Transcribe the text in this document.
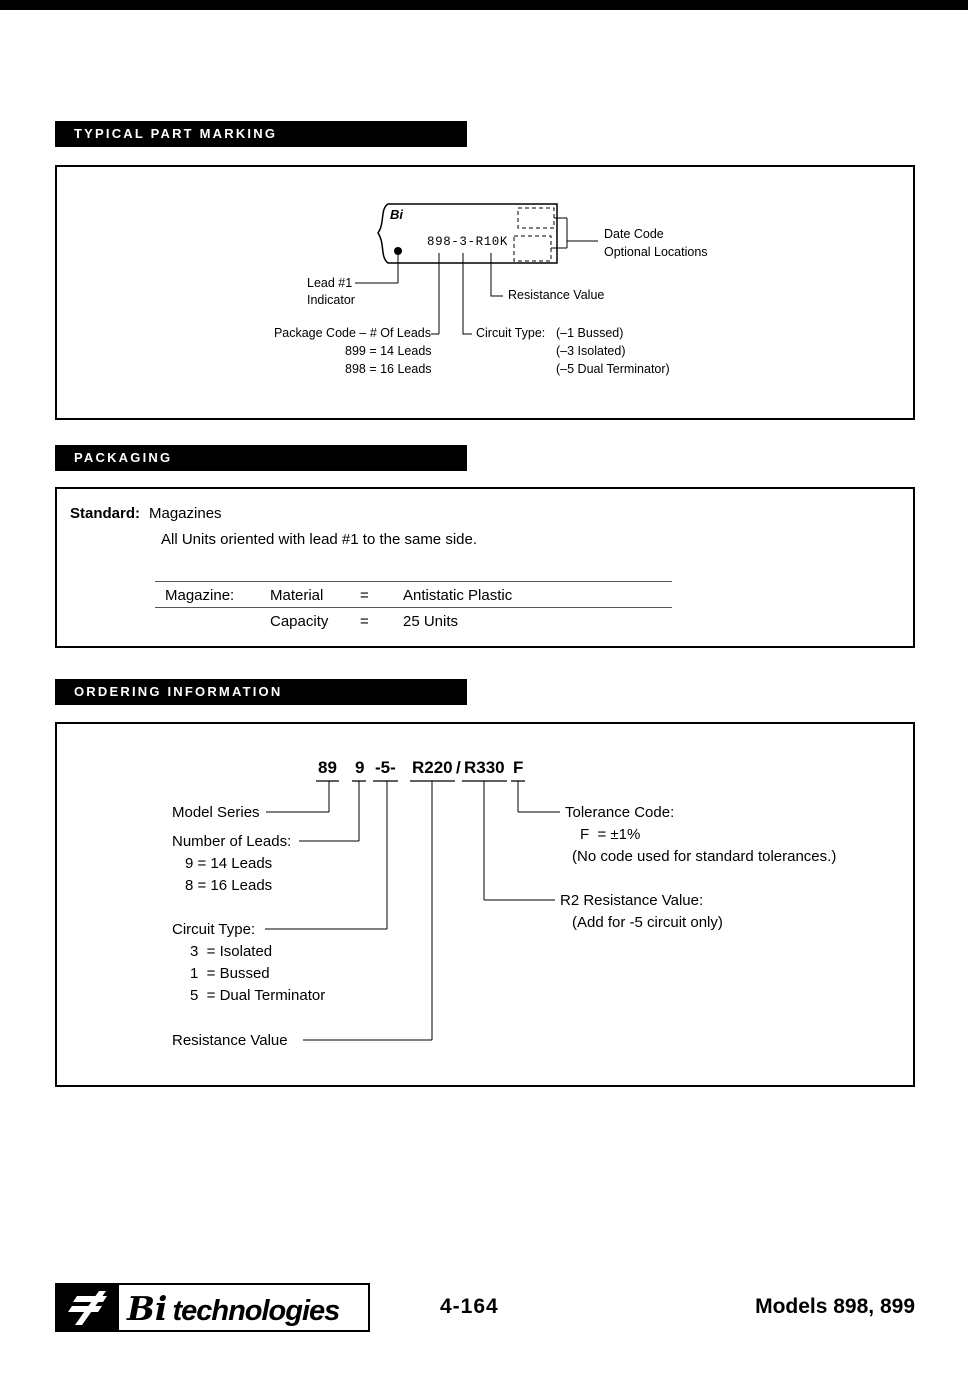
TYPICAL PART MARKING
Bi
898-3-R10K
Lead #1
Indicator
Date Code
Optional Locations
Resistance Value
Package Code – # Of Leads
899 = 14 Leads
898 = 16 Leads
Circuit Type: (–1 Bussed)
(–3 Isolated)
(–5 Dual Terminator)
PACKAGING
Standard: Magazines
All Units oriented with lead #1 to the same side.
Magazine: Material = Antistatic Plastic
Capacity = 25 Units
ORDERING INFORMATION
89 9 -5- R220 / R330 F
Model Series
Number of Leads:
9 = 14 Leads
8 = 16 Leads
Circuit Type:
3  = Isolated
1  = Bussed
5  = Dual Terminator
Resistance Value
Tolerance Code:
F  = ±1%
(No code used for standard tolerances.)
R2 Resistance Value:
(Add for -5 circuit only)
Bi technologies	4-164	Models 898, 899
